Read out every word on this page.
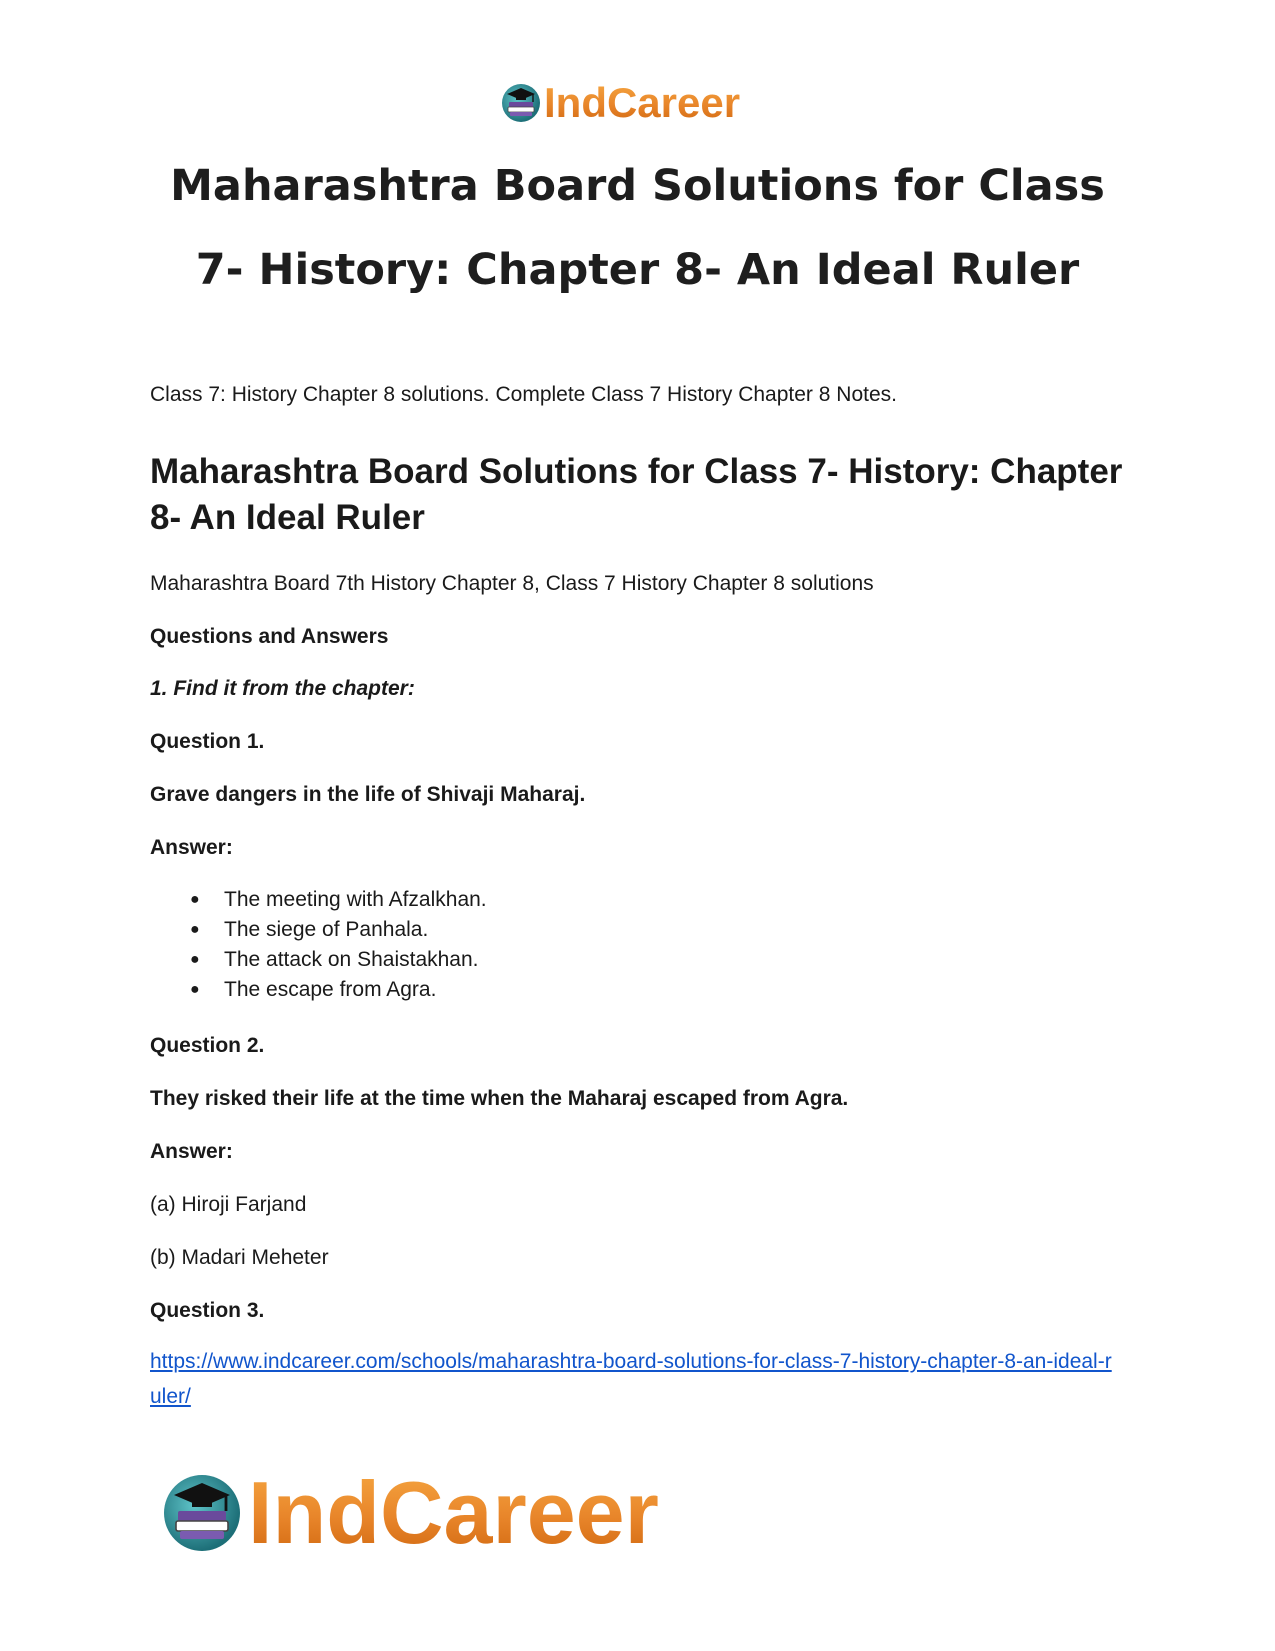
IndCareer
Maharashtra Board Solutions for Class 7- History: Chapter 8- An Ideal Ruler

Class 7: History Chapter 8 solutions. Complete Class 7 History Chapter 8 Notes.

Maharashtra Board Solutions for Class 7- History: Chapter 8- An Ideal Ruler

Maharashtra Board 7th History Chapter 8, Class 7 History Chapter 8 solutions

Questions and Answers

1. Find it from the chapter:

Question 1.

Grave dangers in the life of Shivaji Maharaj.

Answer:

● The meeting with Afzalkhan.
● The siege of Panhala.
● The attack on Shaistakhan.
● The escape from Agra.

Question 2.

They risked their life at the time when the Maharaj escaped from Agra.

Answer:

(a) Hiroji Farjand

(b) Madari Meheter

Question 3.

https://www.indcareer.com/schools/maharashtra-board-solutions-for-class-7-history-chapter-8-an-ideal-ruler/

IndCareer
